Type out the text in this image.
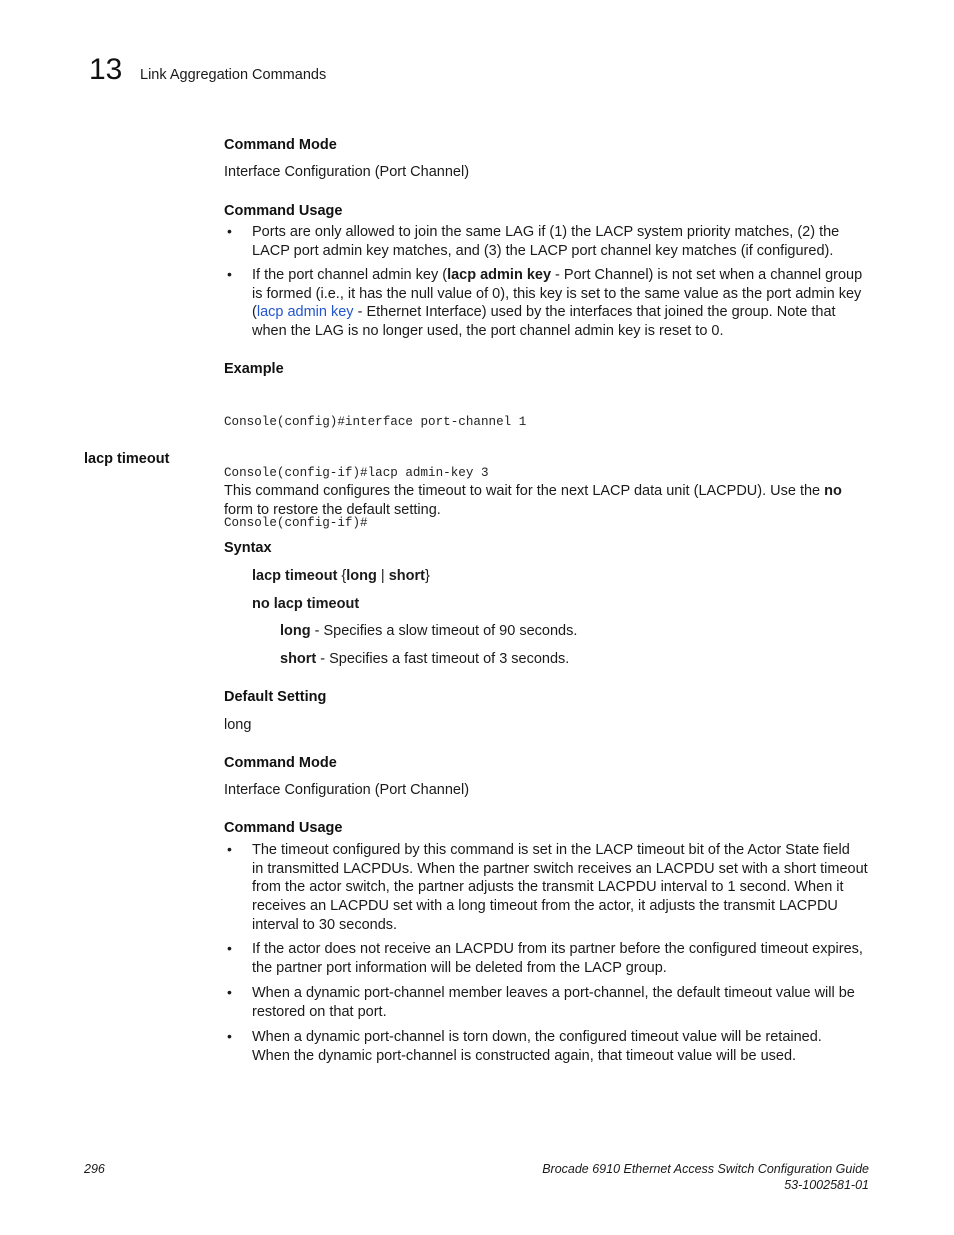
13 Link Aggregation Commands
Command Mode
Interface Configuration (Port Channel)
Command Usage
• Ports are only allowed to join the same LAG if (1) the LACP system priority matches, (2) the LACP port admin key matches, and (3) the LACP port channel key matches (if configured).
• If the port channel admin key (lacp admin key - Port Channel) is not set when a channel group
is formed (i.e., it has the null value of 0), this key is set to the same value as the port admin key
(lacp admin key - Ethernet Interface) used by the interfaces that joined the group. Note that
when the LAG is no longer used, the port channel admin key is reset to 0.
Example

Console(config)#interface port-channel 1

Console(config-if)#lacp admin-key 3

Console(config-if)#

lacp timeout
This command configures the timeout to wait for the next LACP data unit (LACPDU). Use the no
form to restore the default setting.
Syntax
lacp timeout {long | short}
no lacp timeout
long - Specifies a slow timeout of 90 seconds.
short - Specifies a fast timeout of 3 seconds.
Default Setting
long
Command Mode
Interface Configuration (Port Channel)
Command Usage
• The timeout configured by this command is set in the LACP timeout bit of the Actor State field
in transmitted LACPDUs. When the partner switch receives an LACPDU set with a short timeout
from the actor switch, the partner adjusts the transmit LACPDU interval to 1 second. When it
receives an LACPDU set with a long timeout from the actor, it adjusts the transmit LACPDU
interval to 30 seconds.
• If the actor does not receive an LACPDU from its partner before the configured timeout expires,
the partner port information will be deleted from the LACP group.
• When a dynamic port-channel member leaves a port-channel, the default timeout value will be
restored on that port.
• When a dynamic port-channel is torn down, the configured timeout value will be retained.
When the dynamic port-channel is constructed again, that timeout value will be used.
296	Brocade 6910 Ethernet Access Switch Configuration Guide
53-1002581-01
